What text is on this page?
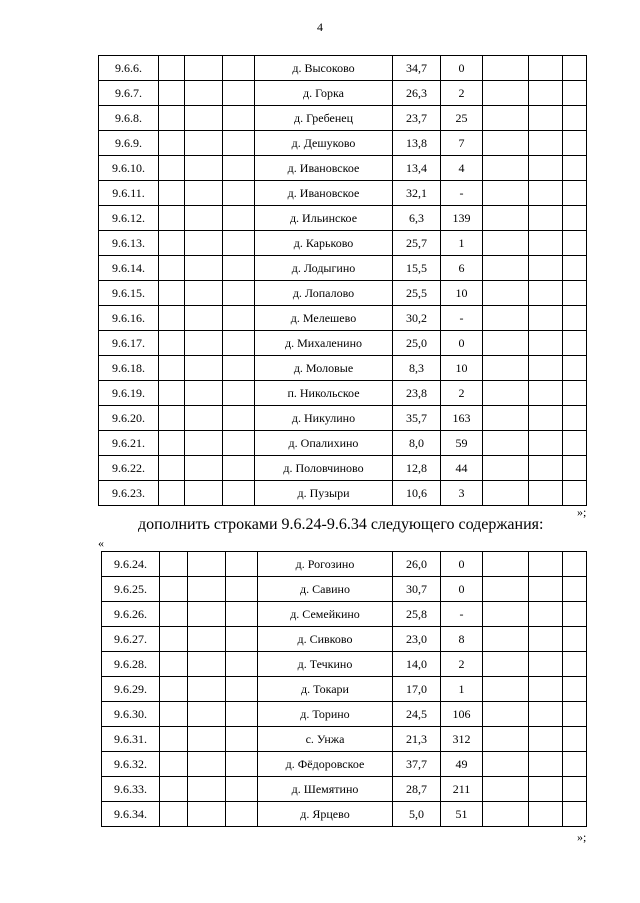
4
9.6.6.				д. Высоково	34,7	0			
9.6.7.				д. Горка	26,3	2			
9.6.8.				д. Гребенец	23,7	25			
9.6.9.				д. Дешуково	13,8	7			
9.6.10.				д. Ивановское	13,4	4			
9.6.11.				д. Ивановское	32,1	-			
9.6.12.				д. Ильинское	6,3	139			
9.6.13.				д. Карьково	25,7	1			
9.6.14.				д. Лодыгино	15,5	6			
9.6.15.				д. Лопалово	25,5	10			
9.6.16.				д. Мелешево	30,2	-			
9.6.17.				д. Михаленино	25,0	0			
9.6.18.				д. Моловые	8,3	10			
9.6.19.				п. Никольское	23,8	2			
9.6.20.				д. Никулино	35,7	163			
9.6.21.				д. Опалихино	8,0	59			
9.6.22.				д. Половчиново	12,8	44			
9.6.23.				д. Пузыри	10,6	3			
»;
дополнить строками 9.6.24-9.6.34 следующего содержания:
«
9.6.24.				д. Рогозино	26,0	0			
9.6.25.				д. Савино	30,7	0			
9.6.26.				д. Семейкино	25,8	-			
9.6.27.				д. Сивково	23,0	8			
9.6.28.				д. Течкино	14,0	2			
9.6.29.				д. Токари	17,0	1			
9.6.30.				д. Торино	24,5	106			
9.6.31.				с. Унжа	21,3	312			
9.6.32.				д. Фёдоровское	37,7	49			
9.6.33.				д. Шемятино	28,7	211			
9.6.34.				д. Ярцево	5,0	51			
»;
